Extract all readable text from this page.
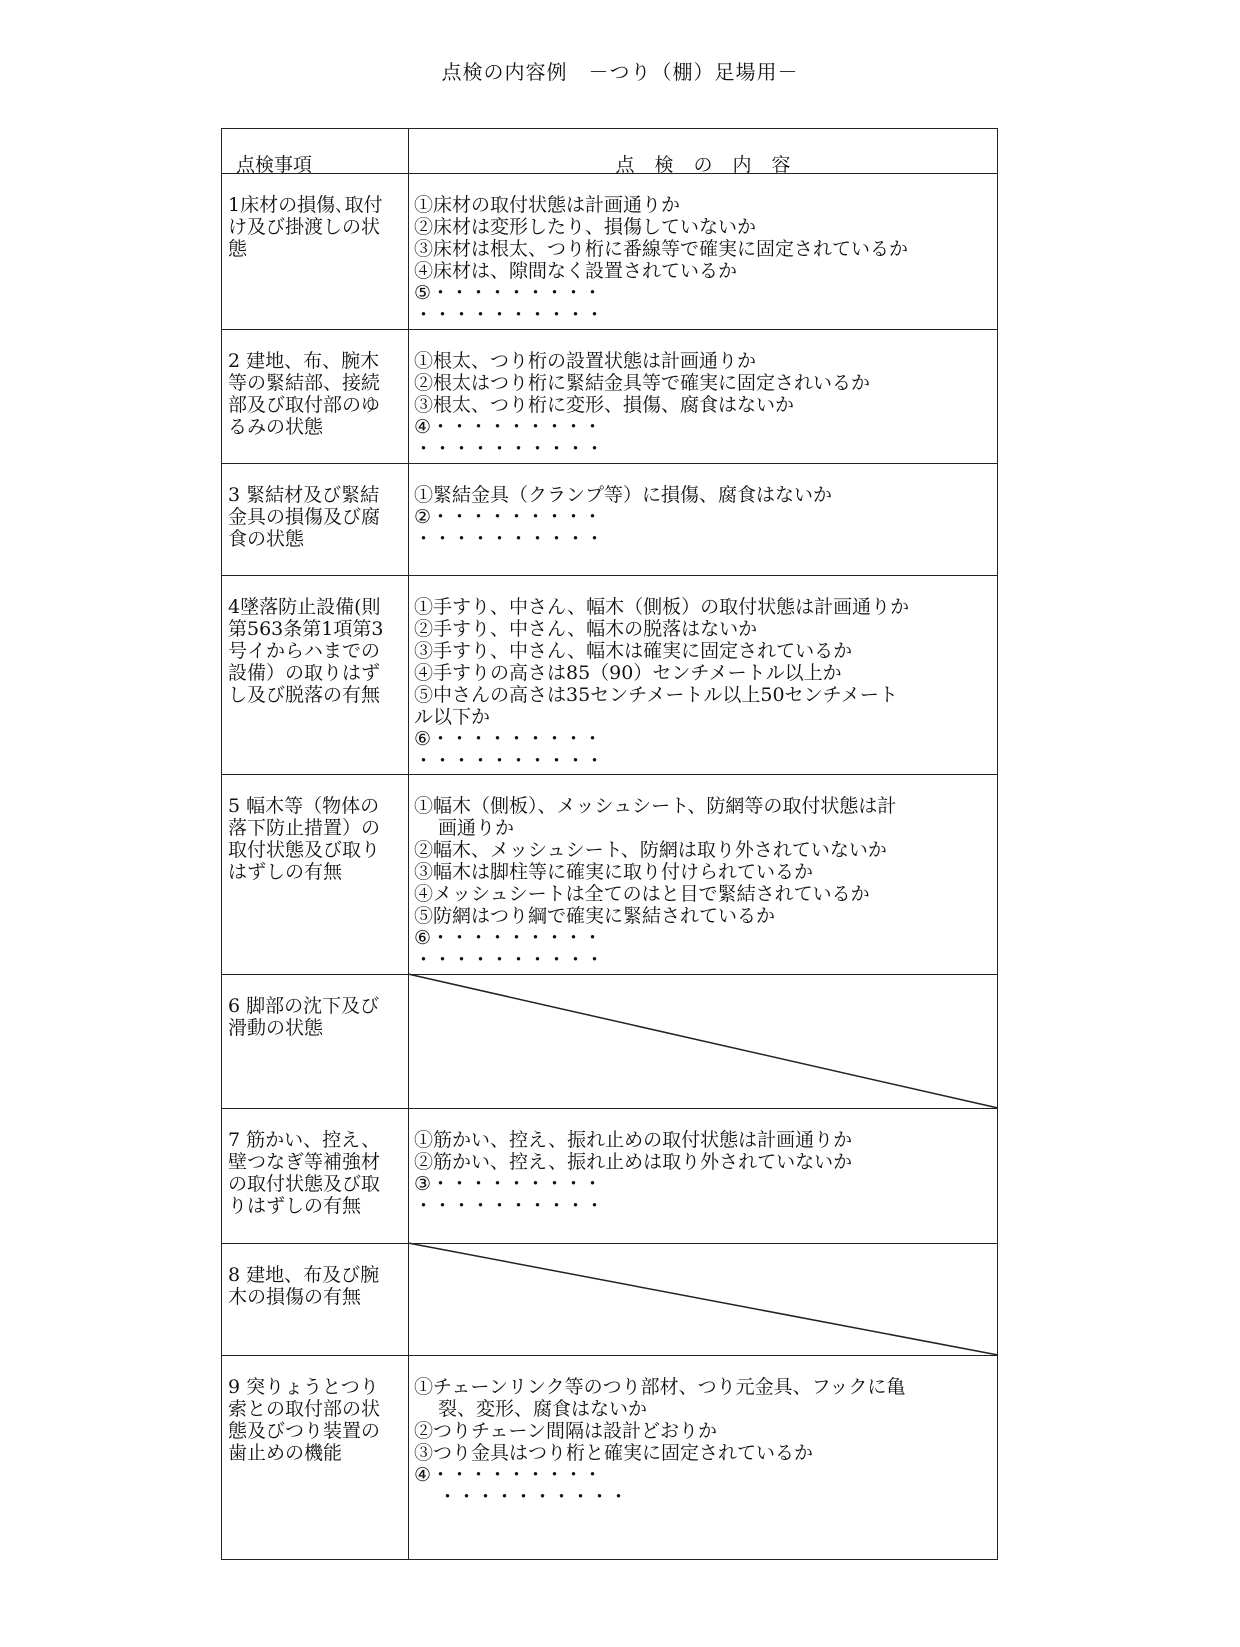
点検の内容例　－つり（棚）足場用－
点検事項	点 検 の 内 容
1床材の損傷､取付
け及び掛渡しの状
態
①床材の取付状態は計画通りか
②床材は変形したり、損傷していないか
③床材は根太、つり桁に番線等で確実に固定されているか
④床材は、隙間なく設置されているか
⑤・・・・・・・・・
・・・・・・・・・・
2 建地、布、腕木
等の緊結部、接続
部及び取付部のゆ
るみの状態
①根太、つり桁の設置状態は計画通りか
②根太はつり桁に緊結金具等で確実に固定されいるか
③根太、つり桁に変形、損傷、腐食はないか
④・・・・・・・・・
・・・・・・・・・・
3 緊結材及び緊結
金具の損傷及び腐
食の状態
①緊結金具（クランプ等）に損傷、腐食はないか
②・・・・・・・・・
・・・・・・・・・・
4墜落防止設備(則
第563条第1項第3
号イからハまでの
設備）の取りはず
し及び脱落の有無
①手すり、中さん、幅木（側板）の取付状態は計画通りか
②手すり、中さん、幅木の脱落はないか
③手すり、中さん、幅木は確実に固定されているか
④手すりの高さは85（90）センチメートル以上か
⑤中さんの高さは35センチメートル以上50センチメート
ル以下か
⑥・・・・・・・・・
・・・・・・・・・・
5 幅木等（物体の
落下防止措置）の
取付状態及び取り
はずしの有無
①幅木（側板）、メッシュシート、防網等の取付状態は計
画通りか
②幅木、メッシュシート、防網は取り外されていないか
③幅木は脚柱等に確実に取り付けられているか
④メッシュシートは全てのはと目で緊結されているか
⑤防網はつり綱で確実に緊結されているか
⑥・・・・・・・・・
・・・・・・・・・・
6 脚部の沈下及び
滑動の状態
7 筋かい、控え、
壁つなぎ等補強材
の取付状態及び取
りはずしの有無
①筋かい、控え、振れ止めの取付状態は計画通りか
②筋かい、控え、振れ止めは取り外されていないか
③・・・・・・・・・
・・・・・・・・・・
8 建地、布及び腕
木の損傷の有無
9 突りょうとつり
索との取付部の状
態及びつり装置の
歯止めの機能
①チェーンリンク等のつり部材、つり元金具、フックに亀
裂、変形、腐食はないか
②つりチェーン間隔は設計どおりか
③つり金具はつり桁と確実に固定されているか
④・・・・・・・・・
・・・・・・・・・・
